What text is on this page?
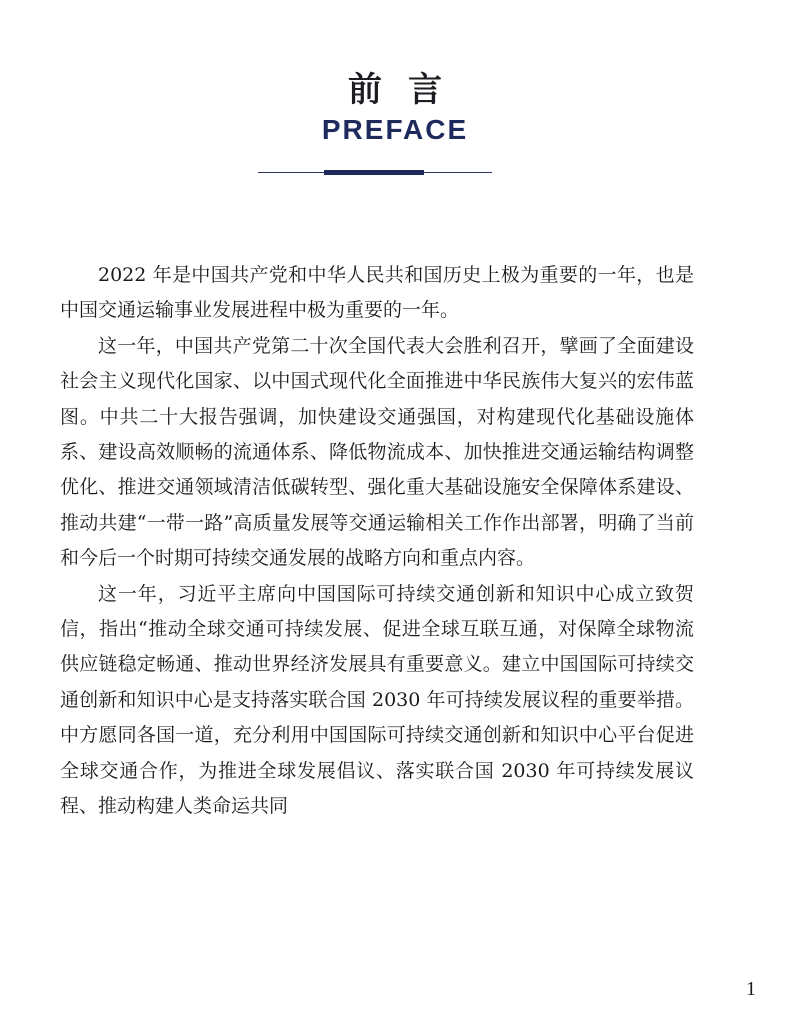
前言
PREFACE

2022 年是中国共产党和中华人民共和国历史上极为重要的一年，也是中国交通运输事业发展进程中极为重要的一年。

这一年，中国共产党第二十次全国代表大会胜利召开，擘画了全面建设社会主义现代化国家、以中国式现代化全面推进中华民族伟大复兴的宏伟蓝图。中共二十大报告强调，加快建设交通强国，对构建现代化基础设施体系、建设高效顺畅的流通体系、降低物流成本、加快推进交通运输结构调整优化、推进交通领域清洁低碳转型、强化重大基础设施安全保障体系建设、推动共建“一带一路”高质量发展等交通运输相关工作作出部署，明确了当前和今后一个时期可持续交通发展的战略方向和重点内容。

这一年，习近平主席向中国国际可持续交通创新和知识中心成立致贺信，指出“推动全球交通可持续发展、促进全球互联互通，对保障全球物流供应链稳定畅通、推动世界经济发展具有重要意义。建立中国国际可持续交通创新和知识中心是支持落实联合国 2030 年可持续发展议程的重要举措。中方愿同各国一道，充分利用中国国际可持续交通创新和知识中心平台促进全球交通合作，为推进全球发展倡议、落实联合国 2030 年可持续发展议程、推动构建人类命运共同

1
